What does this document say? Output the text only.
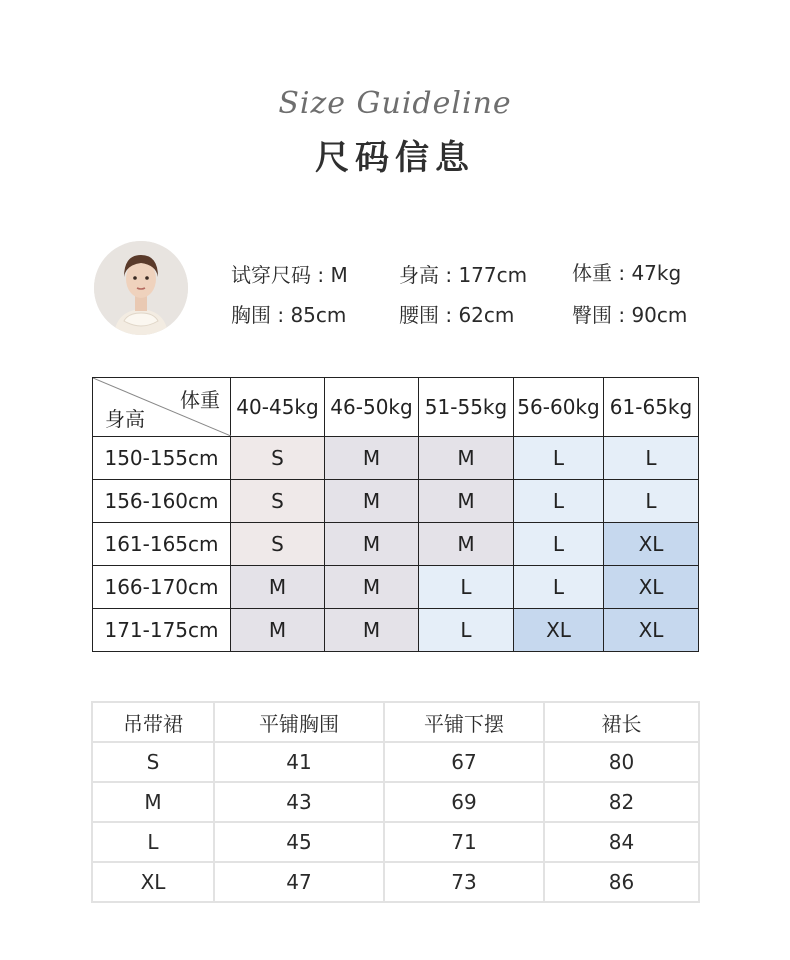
Size Guideline
尺码信息
试穿尺码 : M	身高 : 177cm 体重 : 47kg
胸围 : 85cm	腰围 : 62cm	臀围 : 90cm
体重
身高	40-45kg	46-50kg	51-55kg	56-60kg	61-65kg
150-155cm	S	M	M	L	L
156-160cm	S	M	M	L	L
161-165cm	S	M	M	L	XL
166-170cm	M	M	L	L	XL
171-175cm	M	M	L	XL	XL
吊带裙	平铺胸围	平铺下摆	裙长
S	41	67	80
M	43	69	82
L	45	71	84
XL	47	73	86
